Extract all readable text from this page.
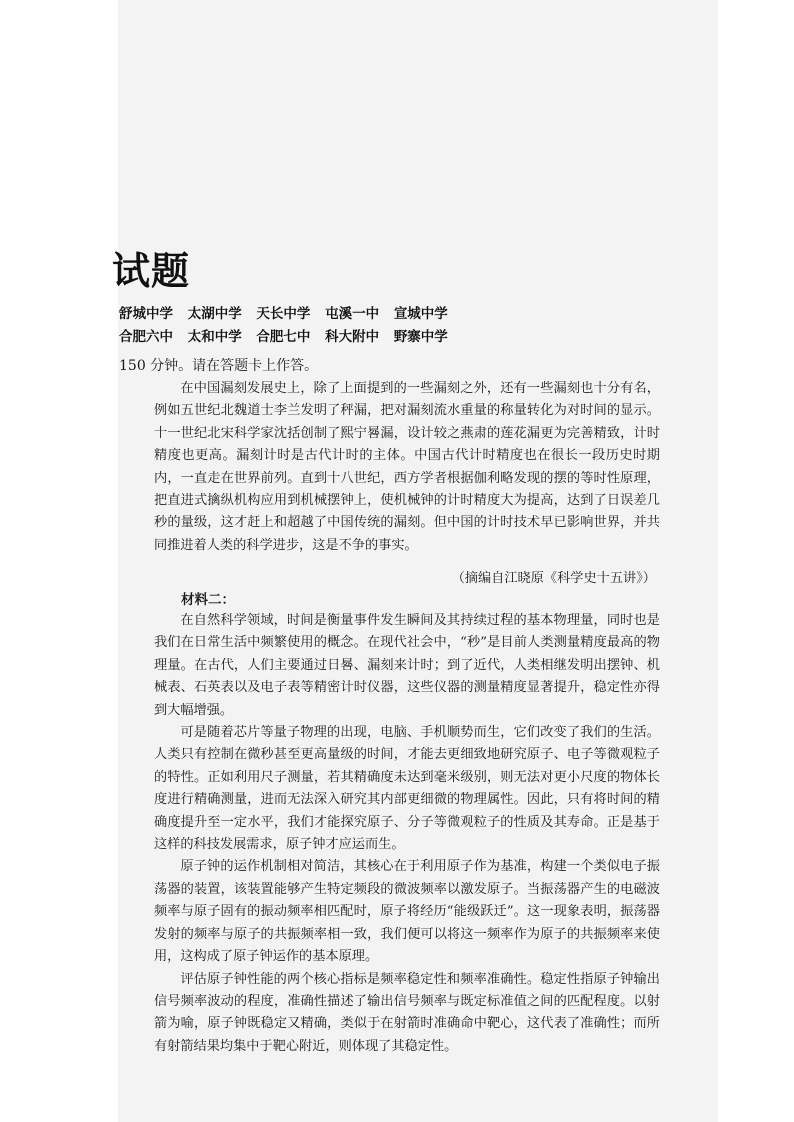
试题
舒城中学 太湖中学 天长中学 屯溪一中 宣城中学
合肥六中 太和中学 合肥七中 科大附中 野寨中学
150 分钟。请在答题卡上作答。

在中国漏刻发展史上，除了上面提到的一些漏刻之外，还有一些漏刻也十分有名，例如五世纪北魏道士李兰发明了秤漏，把对漏刻流水重量的称量转化为对时间的显示。十一世纪北宋科学家沈括创制了熙宁晷漏，设计较之燕肃的莲花漏更为完善精致，计时精度也更高。漏刻计时是古代计时的主体。中国古代计时精度也在很长一段历史时期内，一直走在世界前列。直到十八世纪，西方学者根据伽利略发现的摆的等时性原理，把直进式擒纵机构应用到机械摆钟上，使机械钟的计时精度大为提高，达到了日误差几秒的量级，这才赶上和超越了中国传统的漏刻。但中国的计时技术早已影响世界，并共同推进着人类的科学进步，这是不争的事实。

（摘编自江晓原《科学史十五讲》）
材料二：

在自然科学领域，时间是衡量事件发生瞬间及其持续过程的基本物理量，同时也是我们在日常生活中频繁使用的概念。在现代社会中，“秒”是目前人类测量精度最高的物理量。在古代，人们主要通过日晷、漏刻来计时；到了近代，人类相继发明出摆钟、机械表、石英表以及电子表等精密计时仪器，这些仪器的测量精度显著提升，稳定性亦得到大幅增强。

可是随着芯片等量子物理的出现，电脑、手机顺势而生，它们改变了我们的生活。人类只有控制在微秒甚至更高量级的时间，才能去更细致地研究原子、电子等微观粒子的特性。正如利用尺子测量，若其精确度未达到毫米级别，则无法对更小尺度的物体长度进行精确测量，进而无法深入研究其内部更细微的物理属性。因此，只有将时间的精确度提升至一定水平，我们才能探究原子、分子等微观粒子的性质及其寿命。正是基于这样的科技发展需求，原子钟才应运而生。

原子钟的运作机制相对简洁，其核心在于利用原子作为基准，构建一个类似电子振荡器的装置，该装置能够产生特定频段的微波频率以激发原子。当振荡器产生的电磁波频率与原子固有的振动频率相匹配时，原子将经历“能级跃迁”。这一现象表明，振荡器发射的频率与原子的共振频率相一致，我们便可以将这一频率作为原子的共振频率来使用，这构成了原子钟运作的基本原理。

评估原子钟性能的两个核心指标是频率稳定性和频率准确性。稳定性指原子钟输出信号频率波动的程度，准确性描述了输出信号频率与既定标准值之间的匹配程度。以射箭为喻，原子钟既稳定又精确，类似于在射箭时准确命中靶心，这代表了准确性；而所有射箭结果均集中于靶心附近，则体现了其稳定性。
